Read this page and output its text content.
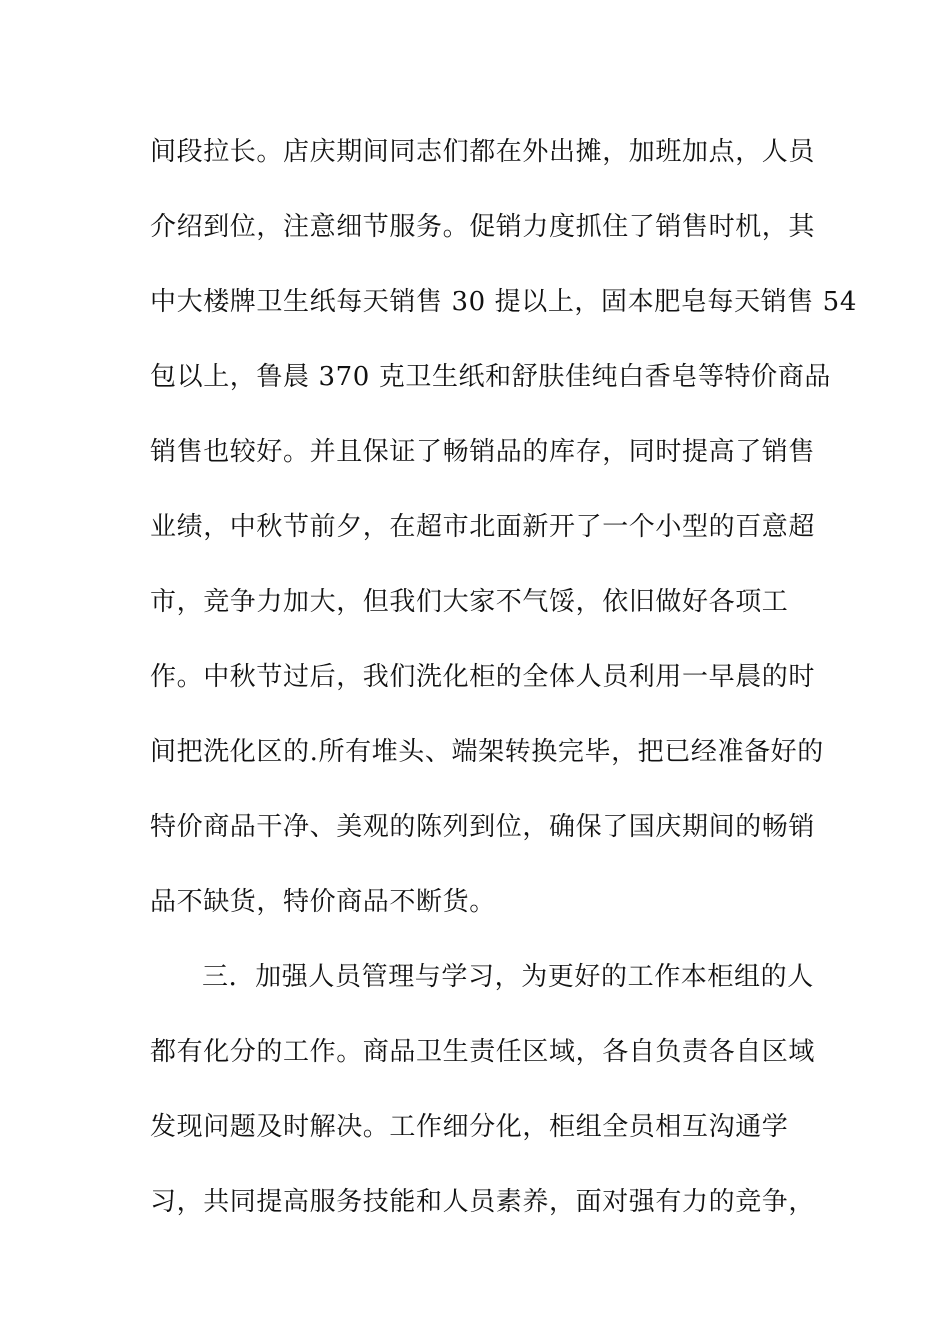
间段拉长。店庆期间同志们都在外出摊，加班加点，人员
介绍到位，注意细节服务。促销力度抓住了销售时机，其
中大楼牌卫生纸每天销售 30 提以上，固本肥皂每天销售 54
包以上，鲁晨 370 克卫生纸和舒肤佳纯白香皂等特价商品
销售也较好。并且保证了畅销品的库存，同时提高了销售
业绩，中秋节前夕，在超市北面新开了一个小型的百意超
市，竞争力加大，但我们大家不气馁，依旧做好各项工
作。中秋节过后，我们洗化柜的全体人员利用一早晨的时
间把洗化区的.所有堆头、端架转换完毕，把已经准备好的
特价商品干净、美观的陈列到位，确保了国庆期间的畅销
品不缺货，特价商品不断货。
三．加强人员管理与学习，为更好的工作本柜组的人
都有化分的工作。商品卫生责任区域，各自负责各自区域
发现问题及时解决。工作细分化，柜组全员相互沟通学
习，共同提高服务技能和人员素养，面对强有力的竞争，
